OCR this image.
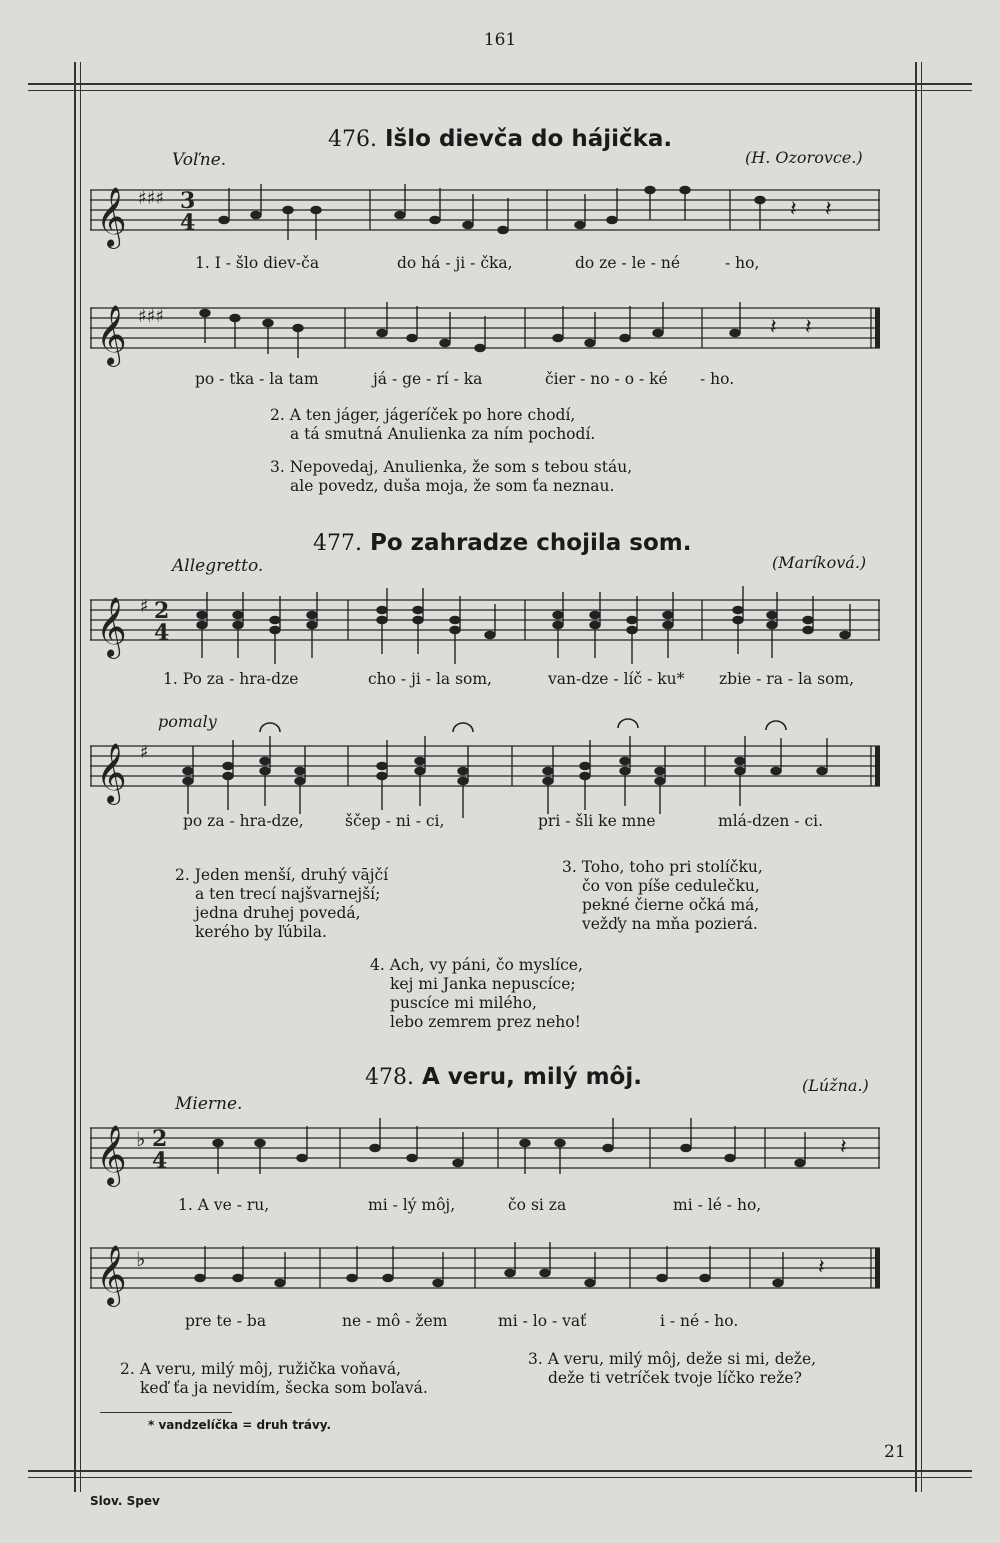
161
476. Išlo dievča do hájička.
Voľne.	(H. Ozorovce.)
𝄞 ♯♯♯ 3
4
𝄽 𝄽
1. I - šlo diev-ča	do há - ji - čka,	do ze - le - né	- ho,
𝄞 ♯♯♯	𝄽 𝄽
po - tka - la tam	já - ge - rí - ka	čier - no - o - ké - ho.
2. A ten jáger, jágeríček po hore chodí,
a tá smutná Anulienka za ním pochodí.
3. Nepovedaj, Anulienka, že som s tebou stáu,
ale povedz, duša moja, že som ťa neznau.
477. Po zahradze chojila som.
Allegretto.	(Maríková.)
𝄞 ♯ 2
4
1. Po za - hra-dze	cho - ji - la som,	van-dze - líč - ku* zbie - ra - la som,
pomaly
𝄞 ♯
po za - hra-dze,	ščep - ni - ci,	pri - šli ke mne	mlá-dzen - ci.
2. Jeden menší, druhý vājčí
a ten trecí najšvarnejší;
jedna druhej povedá,
kerého by ľúbila.
3. Toho, toho pri stolíčku,
čo von píše cedulečku,
pekné čierne očká má,
vežďy na mňa pozierá.
4. Ach, vy páni, čo myslíce,
kej mi Janka nepuscíce;
puscíce mi milého,
lebo zemrem prez neho!
478. A veru, milý môj.
Mierne.
(Lúžna.)
𝄞 ♭ 2
4
𝄽
1. A ve - ru,	mi - lý môj,	čo si za	mi - lé - ho,
𝄞 ♭	𝄽
pre te - ba	ne - mô - žem	mi - lo - vať	i - né - ho.
2. A veru, milý môj, ružička voňavá,
keď ťa ja nevidím, šecka som boľavá.
3. A veru, milý môj, deže si mi, deže,
deže ti vetríček tvoje líčko reže?
* vandzelíčka = druh trávy.
Slov. Spev
21
